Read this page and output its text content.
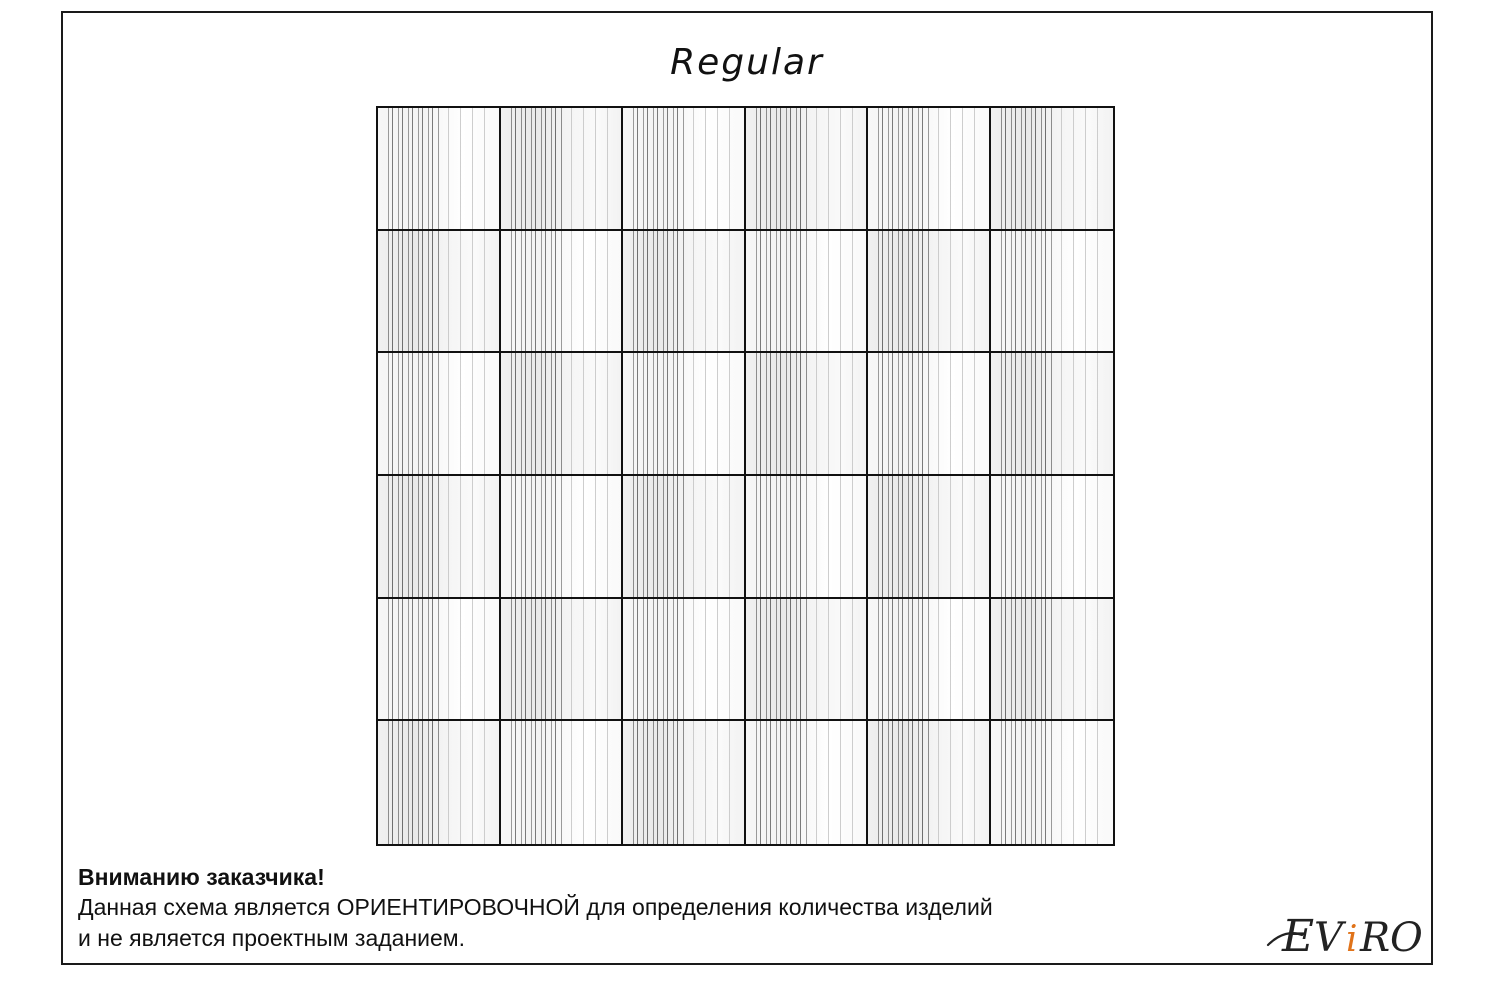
Regular
Вниманию заказчика!
Данная схема является ОРИЕНТИРОВОЧНОЙ для определения количества изделий
и не является проектным заданием.	E V i R O
